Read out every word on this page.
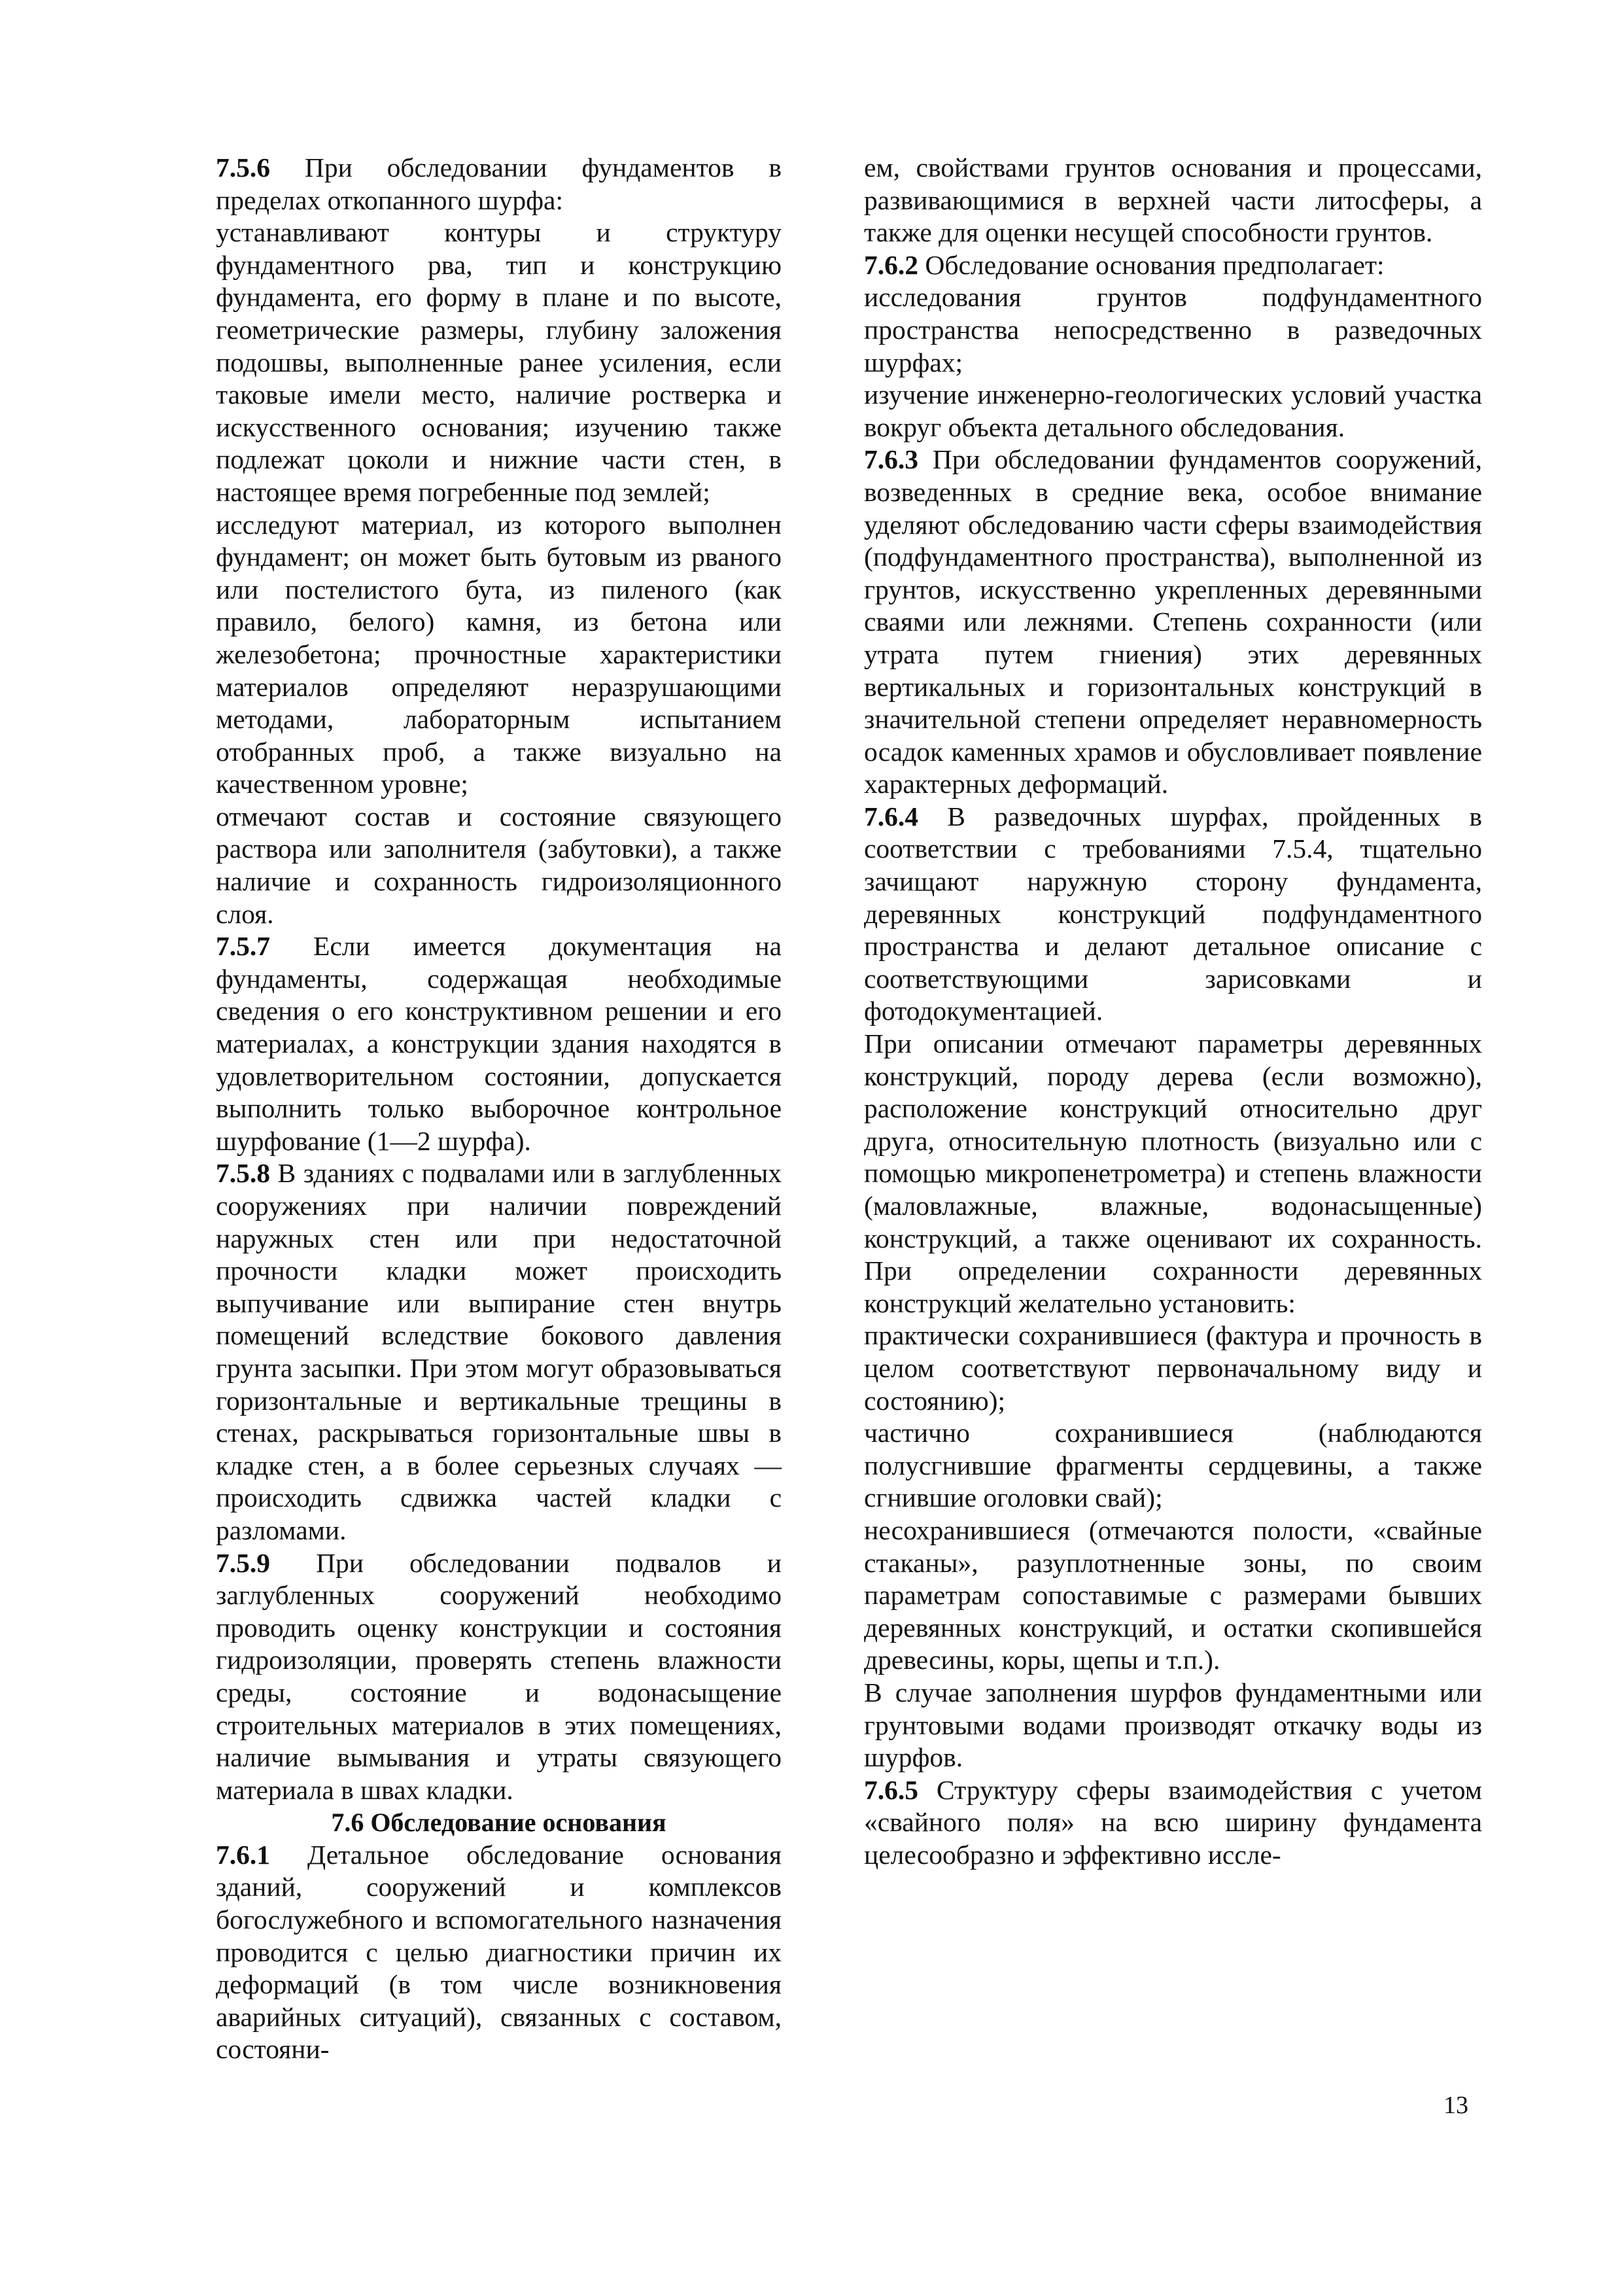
7.5.6 При обследовании фундаментов в пределах откопанного шурфа:

устанавливают контуры и структуру фундаментного рва, тип и конструкцию фундамента, его форму в плане и по высоте, геометрические размеры, глубину заложения подошвы, выполненные ранее усиления, если таковые имели место, наличие ростверка и искусственного основания; изучению также подлежат цоколи и нижние части стен, в настоящее время погребенные под землей;

исследуют материал, из которого выполнен фундамент; он может быть бутовым из рваного или постелистого бута, из пиленого (как правило, белого) камня, из бетона или железобетона; прочностные характеристики материалов определяют неразрушающими методами, лабораторным испытанием отобранных проб, а также визуально на качественном уровне;

отмечают состав и состояние связующего раствора или заполнителя (забутовки), а также наличие и сохранность гидроизоляционного слоя.

7.5.7 Если имеется документация на фундаменты, содержащая необходимые сведения о его конструктивном решении и его материалах, а конструкции здания находятся в удовлетворительном состоянии, допускается выполнить только выборочное контрольное шурфование (1—2 шурфа).

7.5.8 В зданиях с подвалами или в заглубленных сооружениях при наличии повреждений наружных стен или при недостаточной прочности кладки может происходить выпучивание или выпирание стен внутрь помещений вследствие бокового давления грунта засыпки. При этом могут образовываться горизонтальные и вертикальные трещины в стенах, раскрываться горизонтальные швы в кладке стен, а в более серьезных случаях — происходить сдвижка частей кладки с разломами.

7.5.9 При обследовании подвалов и заглубленных сооружений необходимо проводить оценку конструкции и состояния гидроизоляции, проверять степень влажности среды, состояние и водонасыщение строительных материалов в этих помещениях, наличие вымывания и утраты связующего материала в швах кладки.

7.6 Обследование основания

7.6.1 Детальное обследование основания зданий, сооружений и комплексов богослужебного и вспомогательного назначения проводится с целью диагностики причин их деформаций (в том числе возникновения аварийных ситуаций), связанных с составом, состояни-

ем, свойствами грунтов основания и процессами, развивающимися в верхней части литосферы, а также для оценки несущей способности грунтов.

7.6.2 Обследование основания предполагает:

исследования грунтов подфундаментного пространства непосредственно в разведочных шурфах;

изучение инженерно-геологических условий участка вокруг объекта детального обследования.

7.6.3 При обследовании фундаментов сооружений, возведенных в средние века, особое внимание уделяют обследованию части сферы взаимодействия (подфундаментного пространства), выполненной из грунтов, искусственно укрепленных деревянными сваями или лежнями. Степень сохранности (или утрата путем гниения) этих деревянных вертикальных и горизонтальных конструкций в значительной степени определяет неравномерность осадок каменных храмов и обусловливает появление характерных деформаций.

7.6.4 В разведочных шурфах, пройденных в соответствии с требованиями 7.5.4, тщательно зачищают наружную сторону фундамента, деревянных конструкций подфундаментного пространства и делают детальное описание с соответствующими зарисовками и фотодокументацией.

При описании отмечают параметры деревянных конструкций, породу дерева (если возможно), расположение конструкций относительно друг друга, относительную плотность (визуально или с помощью микропенетрометра) и степень влажности (маловлажные, влажные, водонасыщенные) конструкций, а также оценивают их сохранность. При определении сохранности деревянных конструкций желательно установить:

практически сохранившиеся (фактура и прочность в целом соответствуют первоначальному виду и состоянию);

частично сохранившиеся (наблюдаются полусгнившие фрагменты сердцевины, а также сгнившие оголовки свай);

несохранившиеся (отмечаются полости, «свайные стаканы», разуплотненные зоны, по своим параметрам сопоставимые с размерами бывших деревянных конструкций, и остатки скопившейся древесины, коры, щепы и т.п.).

В случае заполнения шурфов фундаментными или грунтовыми водами производят откачку воды из шурфов.

7.6.5 Структуру сферы взаимодействия с учетом «свайного поля» на всю ширину фундамента целесообразно и эффективно иссле-

13
